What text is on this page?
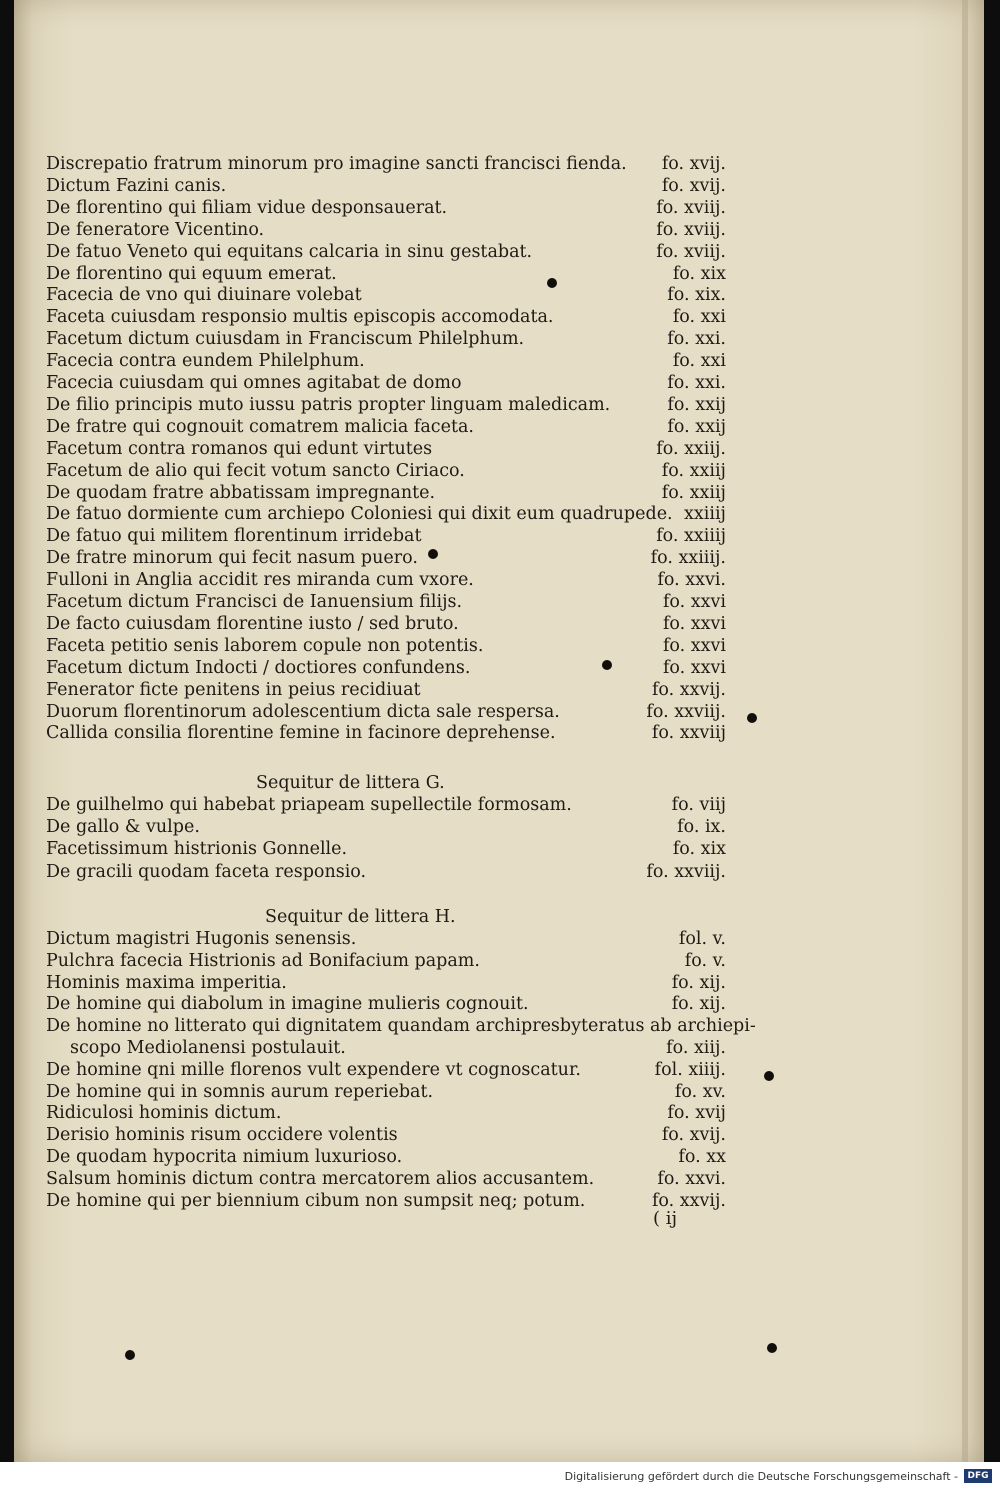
Discrepatio fratrum minorum pro imagine sancti francisci fienda. fo. xvij.
Dictum Fazini canis.	fo. xvij.
De florentino qui filiam vidue desponsauerat.	fo. xviij.
De feneratore Vicentino.	fo. xviij.
De fatuo Veneto qui equitans calcaria in sinu gestabat.	fo. xviij.
De florentino qui equum emerat.	fo. xix
Facecia de vno qui diuinare volebat	fo. xix.
Faceta cuiusdam responsio multis episcopis accomodata.	fo. xxi
Facetum dictum cuiusdam in Franciscum Philelphum.	fo. xxi.
Facecia contra eundem Philelphum.	fo. xxi
Facecia cuiusdam qui omnes agitabat de domo	fo. xxi.
De filio principis muto iussu patris propter linguam maledicam.	fo. xxij
De fratre qui cognouit comatrem malicia faceta.	fo. xxij
Facetum contra romanos qui edunt virtutes	fo. xxiij.
Facetum de alio qui fecit votum sancto Ciriaco.	fo. xxiij
De quodam fratre abbatissam impregnante.	fo. xxiij
De fatuo dormiente cum archiepo Coloniesi qui dixit eum quadrupede. xxiiij
De fatuo qui militem florentinum irridebat	fo. xxiiij
De fratre minorum qui fecit nasum puero.	fo. xxiiij.
Fulloni in Anglia accidit res miranda cum vxore.	fo. xxvi.
Facetum dictum Francisci de Ianuensium filijs.	fo. xxvi
De facto cuiusdam florentine iusto / sed bruto.	fo. xxvi
Faceta petitio senis laborem copule non potentis.	fo. xxvi
Facetum dictum Indocti / doctiores confundens.	fo. xxvi
Fenerator ficte penitens in peius recidiuat	fo. xxvij.
Duorum florentinorum adolescentium dicta sale respersa.	fo. xxviij.
Callida consilia florentine femine in facinore deprehense.	fo. xxviij
De guilhelmo qui habebat priapeam supellectile formosam.	fo. viij
De gallo & vulpe.	fo. ix.
Facetissimum histrionis Gonnelle.	fo. xix
De gracili quodam faceta responsio.	fo. xxviij.
Dictum magistri Hugonis senensis.	fol. v.
Pulchra facecia Histrionis ad Bonifacium papam.	fo. v.
Hominis maxima imperitia.	fo. xij.
De homine qui diabolum in imagine mulieris cognouit.	fo. xij.
De homine no litterato qui dignitatem quandam archipresbyteratus ab archiepi-
scopo Mediolanensi postulauit.	fo. xiij.
De homine qni mille florenos vult expendere vt cognoscatur.	fol. xiiij.
De homine qui in somnis aurum reperiebat.	fo. xv.
Ridiculosi hominis dictum.	fo. xvij
Derisio hominis risum occidere volentis	fo. xvij.
De quodam hypocrita nimium luxurioso.	fo. xx
Salsum hominis dictum contra mercatorem alios accusantem.	fo. xxvi.
De homine qui per biennium cibum non sumpsit neq; potum.	fo. xxvij.
Sequitur de littera G.
Sequitur de littera H.
( ij
Digitalisierung gefördert durch die Deutsche Forschungsgemeinschaft -	DFG
